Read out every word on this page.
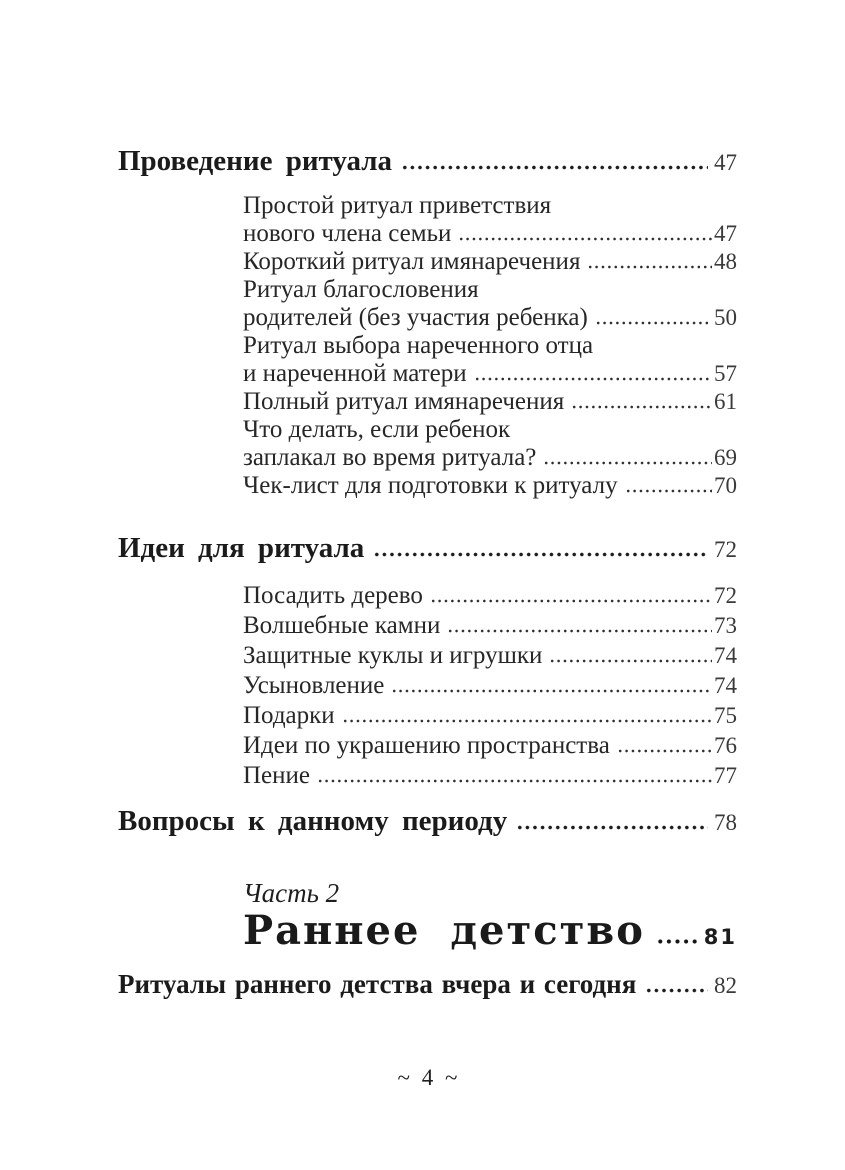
Проведение ритуала	47
Простой ритуал приветствия
нового члена семьи	47
Короткий ритуал имянаречения	48
Ритуал благословения
родителей (без участия ребенка)	50
Ритуал выбора нареченного отца
и нареченной матери	57
Полный ритуал имянаречения	61
Что делать, если ребенок
заплакал во время ритуала?	69
Чек-лист для подготовки к ритуалу	70
Идеи для ритуала	72
Посадить дерево	72
Волшебные камни	73
Защитные куклы и игрушки	74
Усыновление	74
Подарки	75
Идеи по украшению пространства	76
Пение	77
Вопросы к данному периоду	78
Часть 2
Раннее детство	81
Ритуалы раннего детства вчера и сегодня	82
~ 4 ~
